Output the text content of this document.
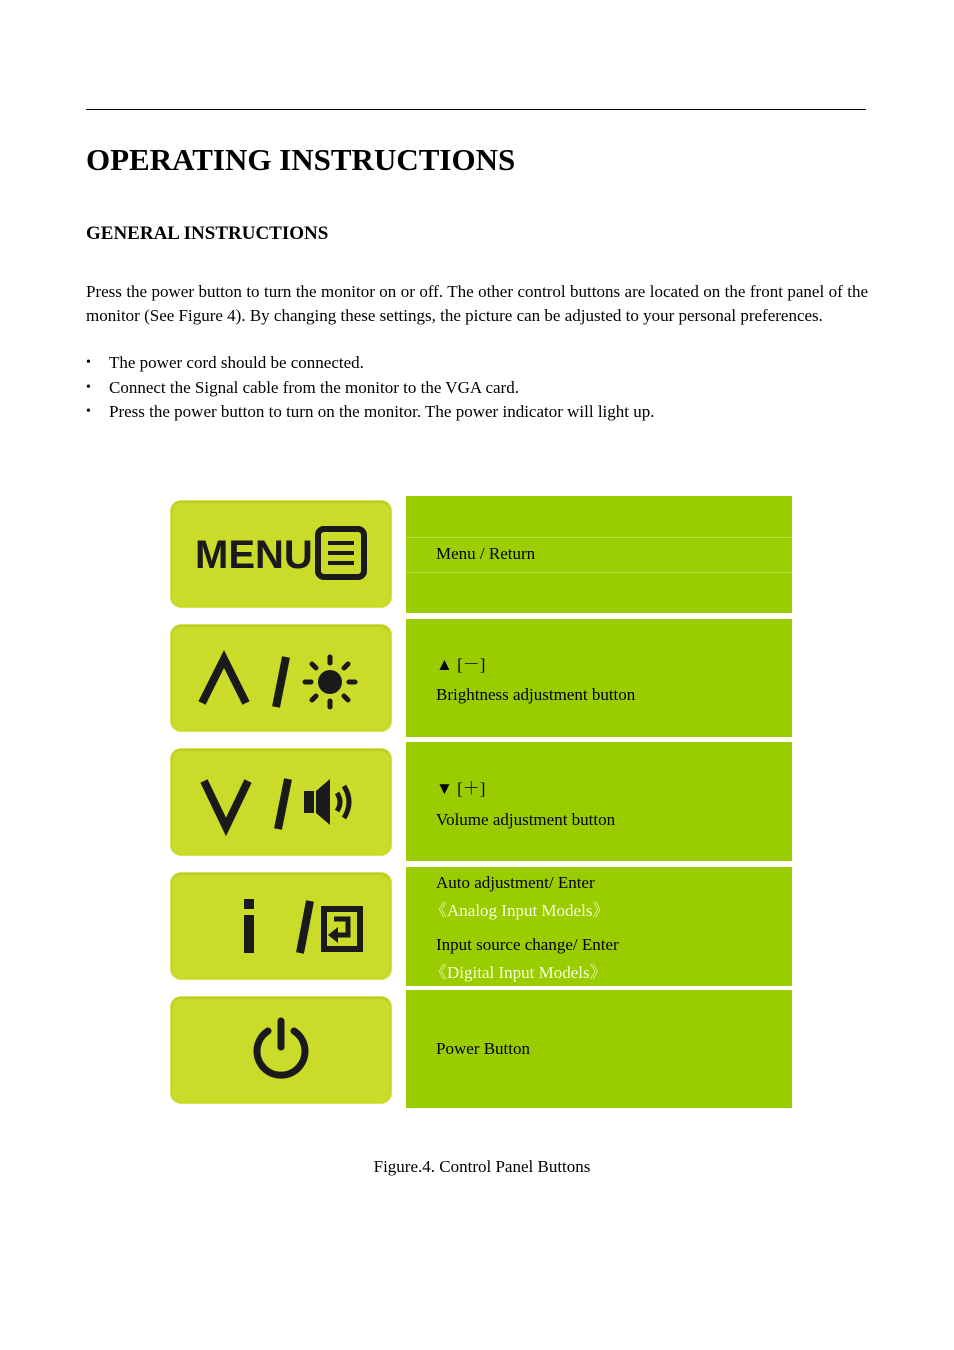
OPERATING INSTRUCTIONS
GENERAL INSTRUCTIONS

Press the power button to turn the monitor on or off. The other control buttons are located on the front panel of the monitor (See Figure 4). By changing these settings, the picture can be adjusted to your personal preferences.

• The power cord should be connected.
• Connect the Signal cable from the monitor to the VGA card.
• Press the power button to turn on the monitor. The power indicator will light up.
MENU	Menu / Return
▲ [－]
Brightness adjustment button
▼ [＋]
Volume adjustment button
Auto adjustment/ Enter
《Analog Input Models》
Input source change/ Enter
《Digital Input Models》
Power Button
Figure.4. Control Panel Buttons
